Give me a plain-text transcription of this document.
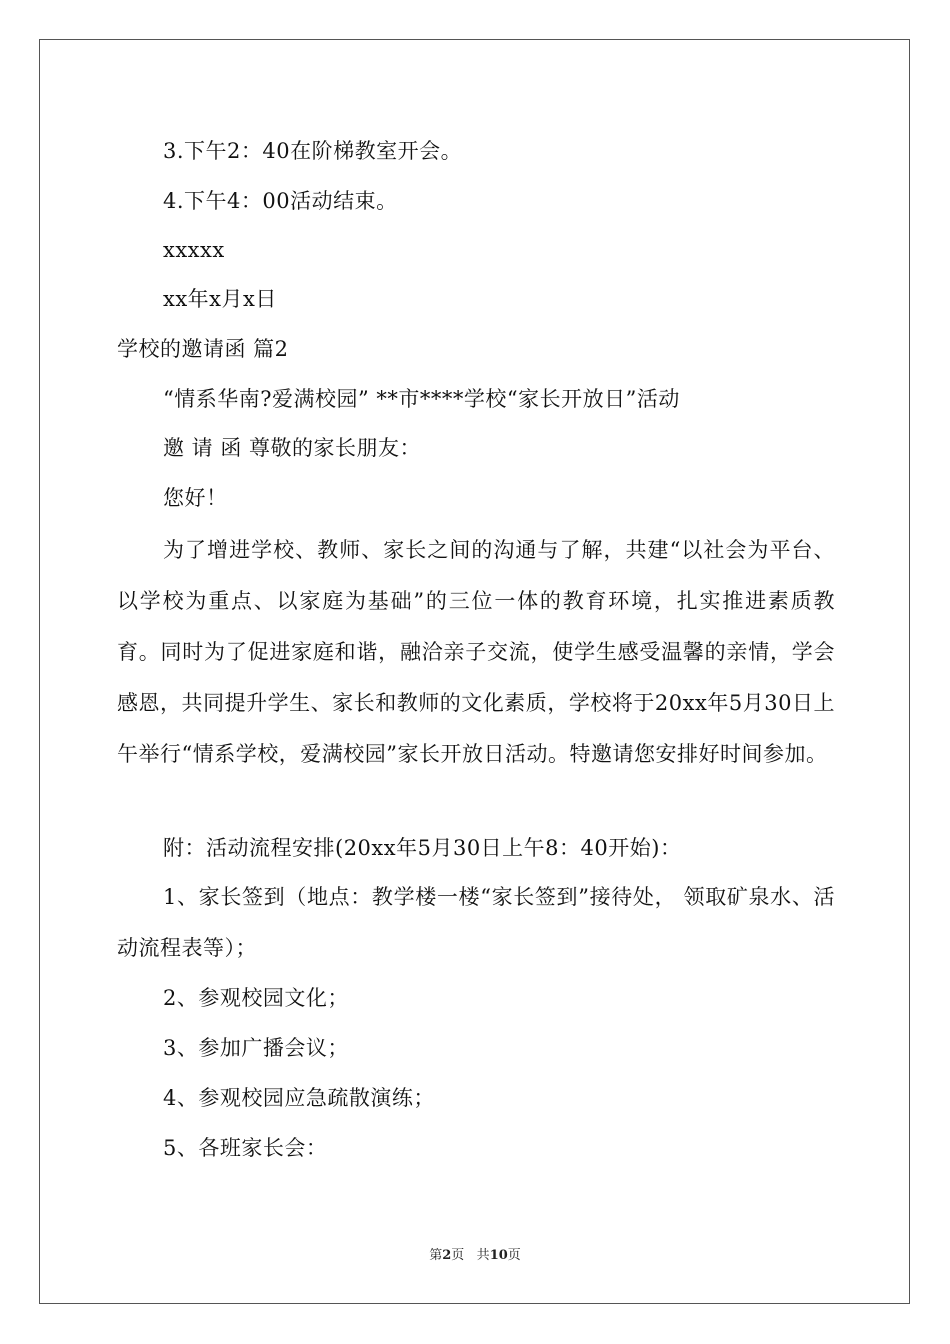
3.下午2：40在阶梯教室开会。
4.下午4：00活动结束。
xxxxx
xx年x月x日
学校的邀请函 篇2
“情系华南?爱满校园” **市****学校“家长开放日”活动
邀 请 函 尊敬的家长朋友：
您好！
为了增进学校、教师、家长之间的沟通与了解，共建“以社会为平台、以学校为重点、以家庭为基础”的三位一体的教育环境，扎实推进素质教育。同时为了促进家庭和谐，融洽亲子交流，使学生感受温馨的亲情，学会感恩，共同提升学生、家长和教师的文化素质，学校将于20xx年5月30日上午举行“情系学校，爱满校园”家长开放日活动。特邀请您安排好时间参加。
附：活动流程安排(20xx年5月30日上午8：40开始)：
1、家长签到（地点：教学楼一楼“家长签到”接待处， 领取矿泉水、活动流程表等）；
2、参观校园文化；
3、参加广播会议；
4、参观校园应急疏散演练；
5、各班家长会：
第2页 共10页
